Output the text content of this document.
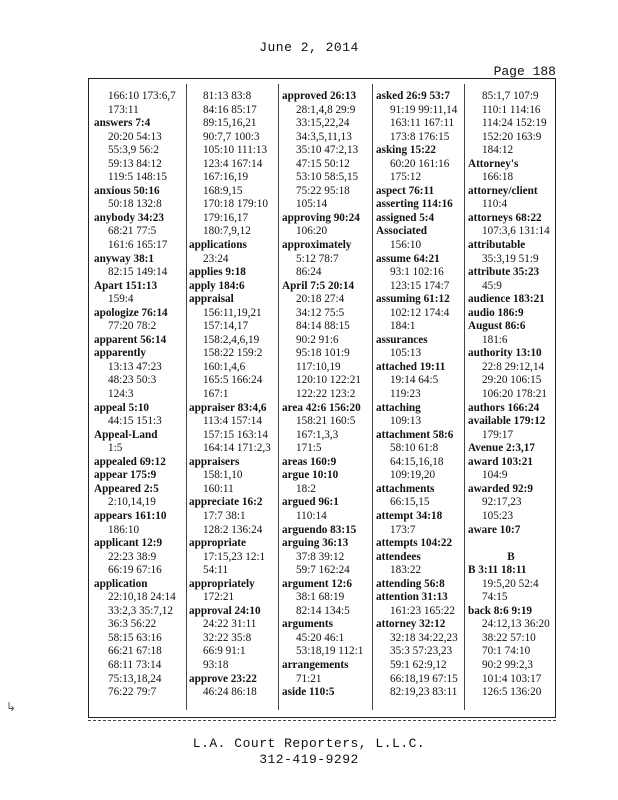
June 2, 2014
Page 188
166:10 173:6,7
173:11
answers 7:4
20:20 54:13
55:3,9 56:2
59:13 84:12
119:5 148:15
anxious 50:16
50:18 132:8
anybody 34:23
68:21 77:5
161:6 165:17
anyway 38:1
82:15 149:14
Apart 151:13
159:4
apologize 76:14
77:20 78:2
apparent 56:14
apparently
13:13 47:23
48:23 50:3
124:3
appeal 5:10
44:15 151:3
Appeal-Land
1:5
appealed 69:12
appear 175:9
Appeared 2:5
2:10,14,19
appears 161:10
186:10
applicant 12:9
22:23 38:9
66:19 67:16
application
22:10,18 24:14
33:2,3 35:7,12
36:3 56:22
58:15 63:16
66:21 67:18
68:11 73:14
75:13,18,24
76:22 79:7
81:13 83:8
84:16 85:17
89:15,16,21
90:7,7 100:3
105:10 111:13
123:4 167:14
167:16,19
168:9,15
170:18 179:10
179:16,17
180:7,9,12
applications
23:24
applies 9:18
apply 184:6
appraisal
156:11,19,21
157:14,17
158:2,4,6,19
158:22 159:2
160:1,4,6
165:5 166:24
167:1
appraiser 83:4,6
113:4 157:14
157:15 163:14
164:14 171:2,3
appraisers
158:1,10
160:11
appreciate 16:2
17:7 38:1
128:2 136:24
appropriate
17:15,23 12:1
54:11
appropriately
172:21
approval 24:10
24:22 31:11
32:22 35:8
66:9 91:1
93:18
approve 23:22
46:24 86:18
approved 26:13
28:1,4,8 29:9
33:15,22,24
34:3,5,11,13
35:10 47:2,13
47:15 50:12
53:10 58:5,15
75:22 95:18
105:14
approving 90:24
106:20
approximately
5:12 78:7
86:24
April 7:5 20:14
20:18 27:4
34:12 75:5
84:14 88:15
90:2 91:6
95:18 101:9
117:10,19
120:10 122:21
122:22 123:2
area 42:6 156:20
158:21 160:5
167:1,3,3
171:5
areas 160:9
argue 10:10
18:2
argued 96:1
110:14
arguendo 83:15
arguing 36:13
37:8 39:12
59:7 162:24
argument 12:6
38:1 68:19
82:14 134:5
arguments
45:20 46:1
53:18,19 112:1
arrangements
71:21
aside 110:5
asked 26:9 53:7
91:19 99:11,14
163:11 167:11
173:8 176:15
asking 15:22
60:20 161:16
175:12
aspect 76:11
asserting 114:16
assigned 5:4
Associated
156:10
assume 64:21
93:1 102:16
123:15 174:7
assuming 61:12
102:12 174:4
184:1
assurances
105:13
attached 19:11
19:14 64:5
119:23
attaching
109:13
attachment 58:6
58:10 61:8
64:15,16,18
109:19,20
attachments
66:15,15
attempt 34:18
173:7
attempts 104:22
attendees
183:22
attending 56:8
attention 31:13
161:23 165:22
attorney 32:12
32:18 34:22,23
35:3 57:23,23
59:1 62:9,12
66:18,19 67:15
82:19,23 83:11
85:1,7 107:9
110:1 114:16
114:24 152:19
152:20 163:9
184:12
Attorney's
166:18
attorney/client
110:4
attorneys 68:22
107:3,6 131:14
attributable
35:3,19 51:9
attribute 35:23
45:9
audience 183:21
audio 186:9
August 86:6
181:6
authority 13:10
22:8 29:12,14
29:20 106:15
106:20 178:21
authors 166:24
available 179:12
179:17
Avenue 2:3,17
award 103:21
104:9
awarded 92:9
92:17,23
105:23
aware 10:7

B
B 3:11 18:11
19:5,20 52:4
74:15
back 8:6 9:19
24:12,13 36:20
38:22 57:10
70:1 74:10
90:2 99:2,3
101:4 103:17
126:5 136:20
L.A. Court Reporters, L.L.C.
312-419-9292
↳
